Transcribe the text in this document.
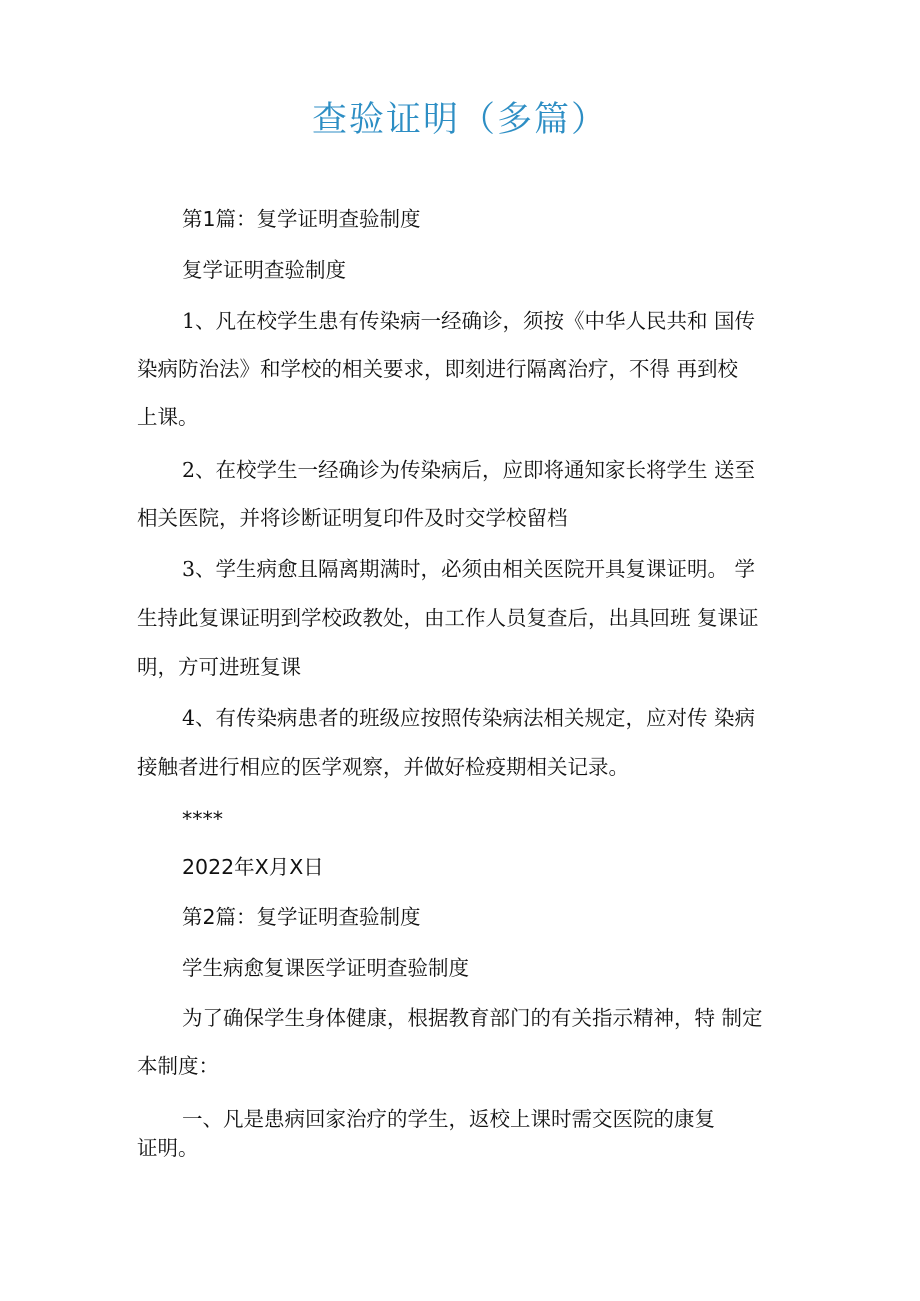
查验证明（多篇）
第1篇：复学证明查验制度
复学证明查验制度
1、凡在校学生患有传染病一经确诊，须按《中华人民共和 国传
染病防治法》和学校的相关要求，即刻进行隔离治疗，不得 再到校
上课。
2、在校学生一经确诊为传染病后，应即将通知家长将学生 送至
相关医院，并将诊断证明复印件及时交学校留档
3、学生病愈且隔离期满时，必须由相关医院开具复课证明。 学
生持此复课证明到学校政教处，由工作人员复查后，出具回班 复课证
明，方可进班复课
4、有传染病患者的班级应按照传染病法相关规定，应对传 染病
接触者进行相应的医学观察，并做好检疫期相关记录。
****
2022年X月X日
第2篇：复学证明查验制度
学生病愈复课医学证明查验制度
为了确保学生身体健康，根据教育部门的有关指示精神，特 制定
本制度：
一、凡是患病回家治疗的学生，返校上课时需交医院的康复
证明。
